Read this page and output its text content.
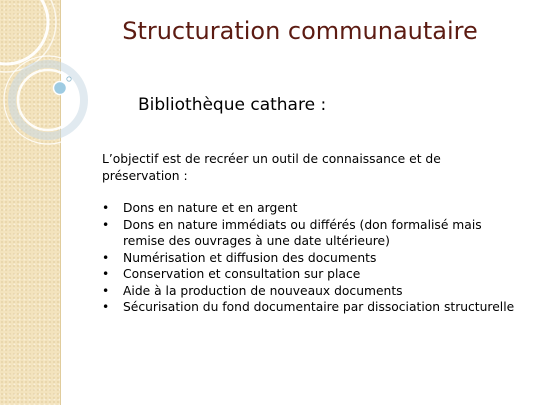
Structuration communautaire
Bibliothèque cathare :

L’objectif est de recréer un outil de connaissance et de préservation :

• Dons en nature et en argent
• Dons en nature immédiats ou différés (don formalisé mais remise des ouvrages à une date ultérieure)
• Numérisation et diffusion des documents
• Conservation et consultation sur place
• Aide à la production de nouveaux documents
• Sécurisation du fond documentaire par dissociation structurelle
